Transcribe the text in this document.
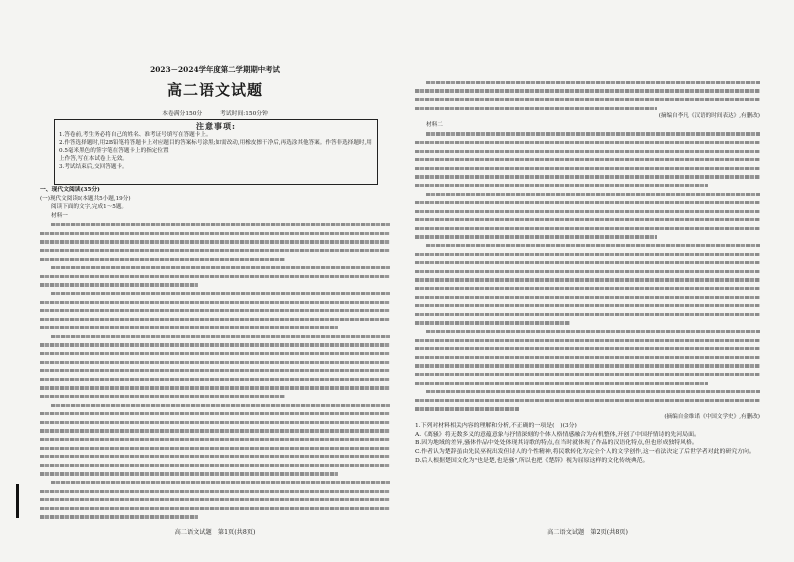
2023－2024学年度第二学期期中考试
高二语文试题
本卷满分150分	考试时间:150分钟
注意事项:
1.答卷前,考生务必将自己的姓名、准考证号填写在答题卡上。
2.作答选择题时,用2B铅笔将答题卡上对应题目的答案标号涂黑;如需改动,用橡皮擦干净后,再选涂其他答案。作答非选择题时,用0.5毫米黑色的签字笔在答题卡上的指定位置
上作答,写在本试卷上无效。
3.考试结束后,交回答题卡。
一、现代文阅读(35分)
(一)现代文阅读Ⅰ(本题共5小题,19分)
阅读下面的文字,完成1～5题。
材料一
高二语文试题　第1页(共8页)
(摘编自李凡《汉语的时间表达》,有删改)
材料二
(摘编自金维诺《中国文学史》,有删改)
1.下列对材料相关内容的理解和分析,不正确的一项是(　)(3分)
A.《离骚》将无数多义的意蕴意象与抒情深刻的个体人格情感融合为有机整体,开创了中国抒情诗的先河局面。
B.因为地域的差异,骚体作品中处处体现其诗歌的特点,在当时就体现了作品的汉语化特点,但也形成独特风格。
C.作者认为楚辞虽由先民巫祝出发但诗人的个性精神,将民歌转化为完全个人的文学创作,这一看法决定了后世学者对此的研究方向。
D.后人根据楚国文化为"也是楚,也是骚",所以也把《楚辞》视为屈原这样的文化传统典范。
高二语文试题　第2页(共8页)
